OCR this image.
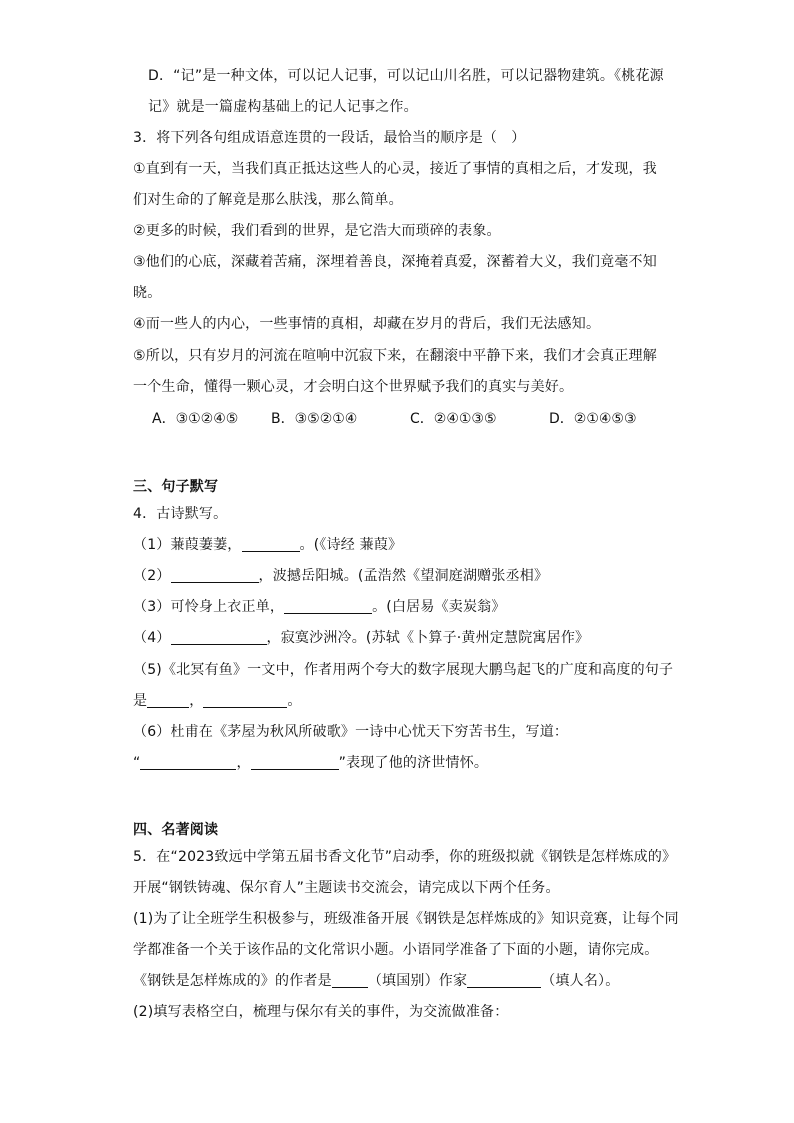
D．“记”是一种文体，可以记人记事，可以记山川名胜，可以记器物建筑。《桃花源
记》就是一篇虚构基础上的记人记事之作。
3．将下列各句组成语意连贯的一段话，最恰当的顺序是（　）
①直到有一天，当我们真正抵达这些人的心灵，接近了事情的真相之后，才发现，我
们对生命的了解竟是那么肤浅，那么简单。
②更多的时候，我们看到的世界，是它浩大而琐碎的表象。
③他们的心底，深藏着苦痛，深埋着善良，深掩着真爱，深蓄着大义，我们竟毫不知
晓。
④而一些人的内心，一些事情的真相，却藏在岁月的背后，我们无法感知。
⑤所以，只有岁月的河流在喧响中沉寂下来，在翻滚中平静下来，我们才会真正理解
一个生命，懂得一颗心灵，才会明白这个世界赋予我们的真实与美好。
A．③①②④⑤ B．③⑤②①④	C．②④①③⑤	D．②①④⑤③
三、句子默写
4．古诗默写。
（1）蒹葭萋萋，	。(《诗经 蒹葭》
（2）	，波撼岳阳城。(孟浩然《望洞庭湖赠张丞相》
（3）可怜身上衣正单，	。(白居易《卖炭翁》
（4）	，寂寞沙洲冷。(苏轼《卜算子·黄州定慧院寓居作》
（5)《北冥有鱼》一文中，作者用两个夸大的数字展现大鹏鸟起飞的广度和高度的句子
是	，	。
（6）杜甫在《茅屋为秋风所破歌》一诗中心忧天下穷苦书生，写道：
“	，	”表现了他的济世情怀。
四、名著阅读
5．在“2023致远中学第五届书香文化节”启动季，你的班级拟就《钢铁是怎样炼成的》
开展“钢铁铸魂、保尔育人”主题读书交流会，请完成以下两个任务。
(1)为了让全班学生积极参与，班级准备开展《钢铁是怎样炼成的》知识竞赛，让每个同
学都准备一个关于该作品的文化常识小题。小语同学准备了下面的小题，请你完成。
《钢铁是怎样炼成的》的作者是	（填国别）作家	（填人名）。
(2)填写表格空白，梳理与保尔有关的事件，为交流做准备：
